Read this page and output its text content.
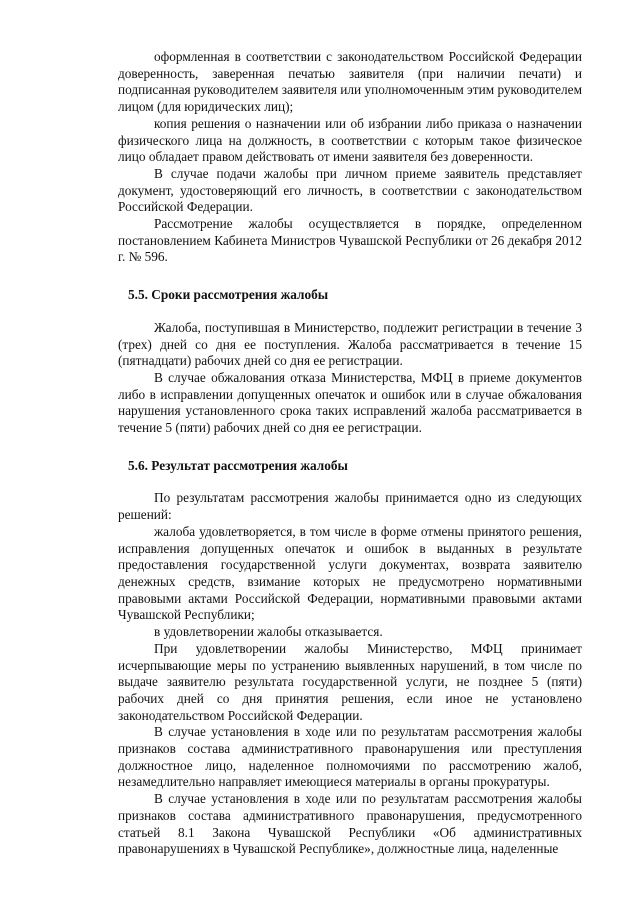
оформленная в соответствии с законодательством Российской Федерации доверенность, заверенная печатью заявителя (при наличии печати) и подписанная руководителем заявителя или уполномоченным этим руководителем лицом (для юридических лиц);

копия решения о назначении или об избрании либо приказа о назначении физического лица на должность, в соответствии с которым такое физическое лицо обладает правом действовать от имени заявителя без доверенности.

В случае подачи жалобы при личном приеме заявитель представляет документ, удостоверяющий его личность, в соответствии с законодательством Российской Федерации.

Рассмотрение жалобы осуществляется в порядке, определенном постановлением Кабинета Министров Чувашской Республики от 26 декабря 2012 г. № 596.

5.5. Сроки рассмотрения жалобы

Жалоба, поступившая в Министерство, подлежит регистрации в течение 3 (трех) дней со дня ее поступления. Жалоба рассматривается в течение 15 (пятнадцати) рабочих дней со дня ее регистрации.

В случае обжалования отказа Министерства, МФЦ в приеме документов либо в исправлении допущенных опечаток и ошибок или в случае обжалования нарушения установленного срока таких исправлений жалоба рассматривается в течение 5 (пяти) рабочих дней со дня ее регистрации.

5.6. Результат рассмотрения жалобы

По результатам рассмотрения жалобы принимается одно из следующих решений:

жалоба удовлетворяется, в том числе в форме отмены принятого решения, исправления допущенных опечаток и ошибок в выданных в результате предоставления государственной услуги документах, возврата заявителю денежных средств, взимание которых не предусмотрено нормативными правовыми актами Российской Федерации, нормативными правовыми актами Чувашской Республики;

в удовлетворении жалобы отказывается.

При удовлетворении жалобы Министерство, МФЦ принимает исчерпывающие меры по устранению выявленных нарушений, в том числе по выдаче заявителю результата государственной услуги, не позднее 5 (пяти) рабочих дней со дня принятия решения, если иное не установлено законодательством Российской Федерации.

В случае установления в ходе или по результатам рассмотрения жалобы признаков состава административного правонарушения или преступления должностное лицо, наделенное полномочиями по рассмотрению жалоб, незамедлительно направляет имеющиеся материалы в органы прокуратуры.

В случае установления в ходе или по результатам рассмотрения жалобы признаков состава административного правонарушения, предусмотренного статьей 8.1 Закона Чувашской Республики «Об административных правонарушениях в Чувашской Республике», должностные лица, наделенные
